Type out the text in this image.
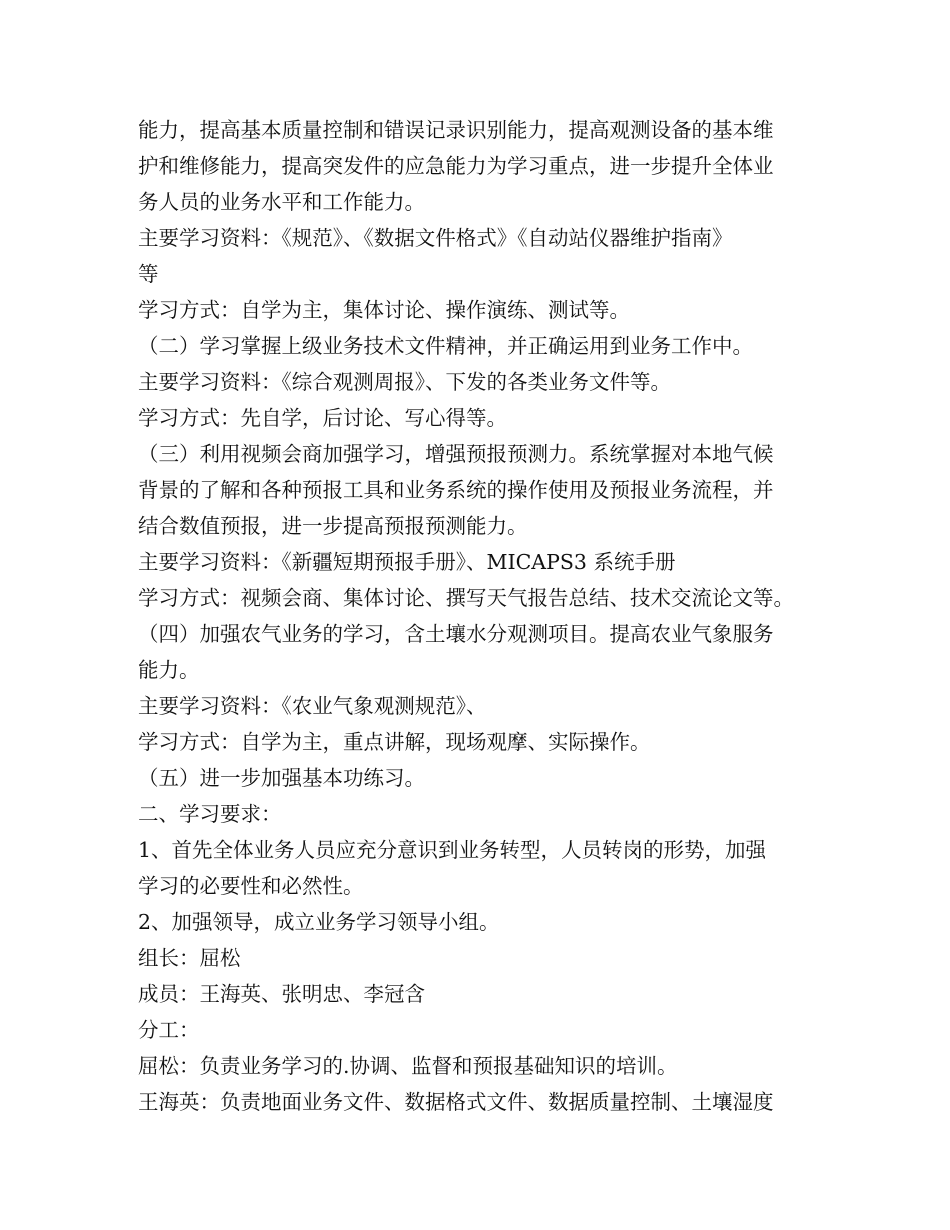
能力，提高基本质量控制和错误记录识别能力，提高观测设备的基本维
护和维修能力，提高突发件的应急能力为学习重点，进一步提升全体业
务人员的业务水平和工作能力。
主要学习资料：《规范》、《数据文件格式》《自动站仪器维护指南》
等
学习方式：自学为主，集体讨论、操作演练、测试等。
（二）学习掌握上级业务技术文件精神，并正确运用到业务工作中。
主要学习资料：《综合观测周报》、下发的各类业务文件等。
学习方式：先自学，后讨论、写心得等。
（三）利用视频会商加强学习，增强预报预测力。系统掌握对本地气候
背景的了解和各种预报工具和业务系统的操作使用及预报业务流程，并
结合数值预报，进一步提高预报预测能力。
主要学习资料：《新疆短期预报手册》、MICAPS3 系统手册
学习方式：视频会商、集体讨论、撰写天气报告总结、技术交流论文等。
（四）加强农气业务的学习，含土壤水分观测项目。提高农业气象服务
能力。
主要学习资料：《农业气象观测规范》、
学习方式：自学为主，重点讲解，现场观摩、实际操作。
（五）进一步加强基本功练习。
二、学习要求：
1、首先全体业务人员应充分意识到业务转型，人员转岗的形势，加强
学习的必要性和必然性。
2、加强领导，成立业务学习领导小组。
组长：屈松
成员：王海英、张明忠、李冠含
分工：
屈松：负责业务学习的.协调、监督和预报基础知识的培训。
王海英：负责地面业务文件、数据格式文件、数据质量控制、土壤湿度
